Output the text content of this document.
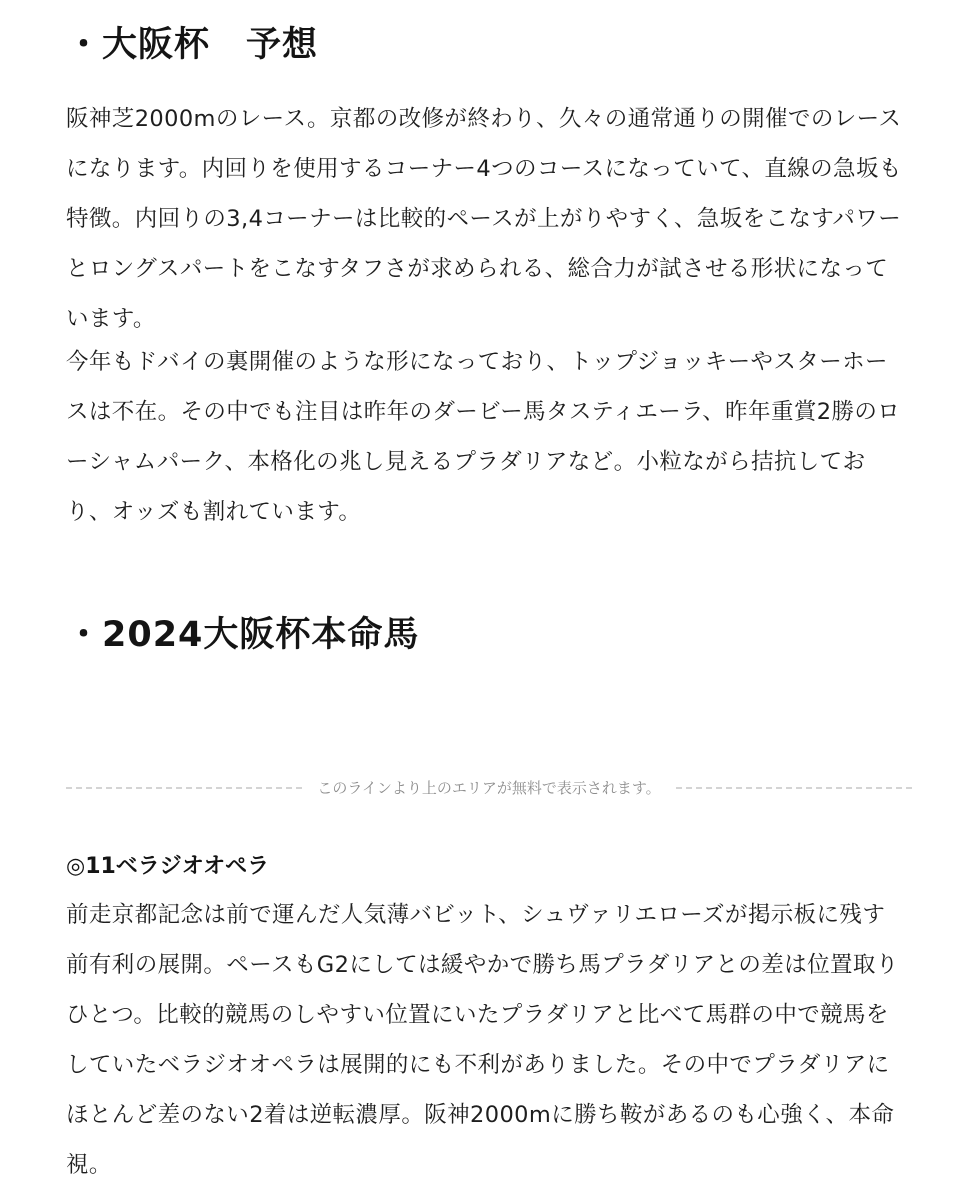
・大阪杯　予想

阪神芝2000mのレース。京都の改修が終わり、久々の通常通りの開催でのレース
になります。内回りを使用するコーナー4つのコースになっていて、直線の急坂も
特徴。内回りの3,4コーナーは比較的ペースが上がりやすく、急坂をこなすパワー
とロングスパートをこなすタフさが求められる、総合力が試させる形状になって
います。

今年もドバイの裏開催のような形になっており、トップジョッキーやスターホー
スは不在。その中でも注目は昨年のダービー馬タスティエーラ、昨年重賞2勝のロ
ーシャムパーク、本格化の兆し見えるプラダリアなど。小粒ながら拮抗してお
り、オッズも割れています。

・2024大阪杯本命馬
このラインより上のエリアが無料で表示されます。
◎11ベラジオオペラ

前走京都記念は前で運んだ人気薄バビット、シュヴァリエローズが掲示板に残す
前有利の展開。ペースもG2にしては緩やかで勝ち馬プラダリアとの差は位置取り
ひとつ。比較的競馬のしやすい位置にいたプラダリアと比べて馬群の中で競馬を
していたベラジオオペラは展開的にも不利がありました。その中でプラダリアに
ほとんど差のない2着は逆転濃厚。阪神2000mに勝ち鞍があるのも心強く、本命
視。
